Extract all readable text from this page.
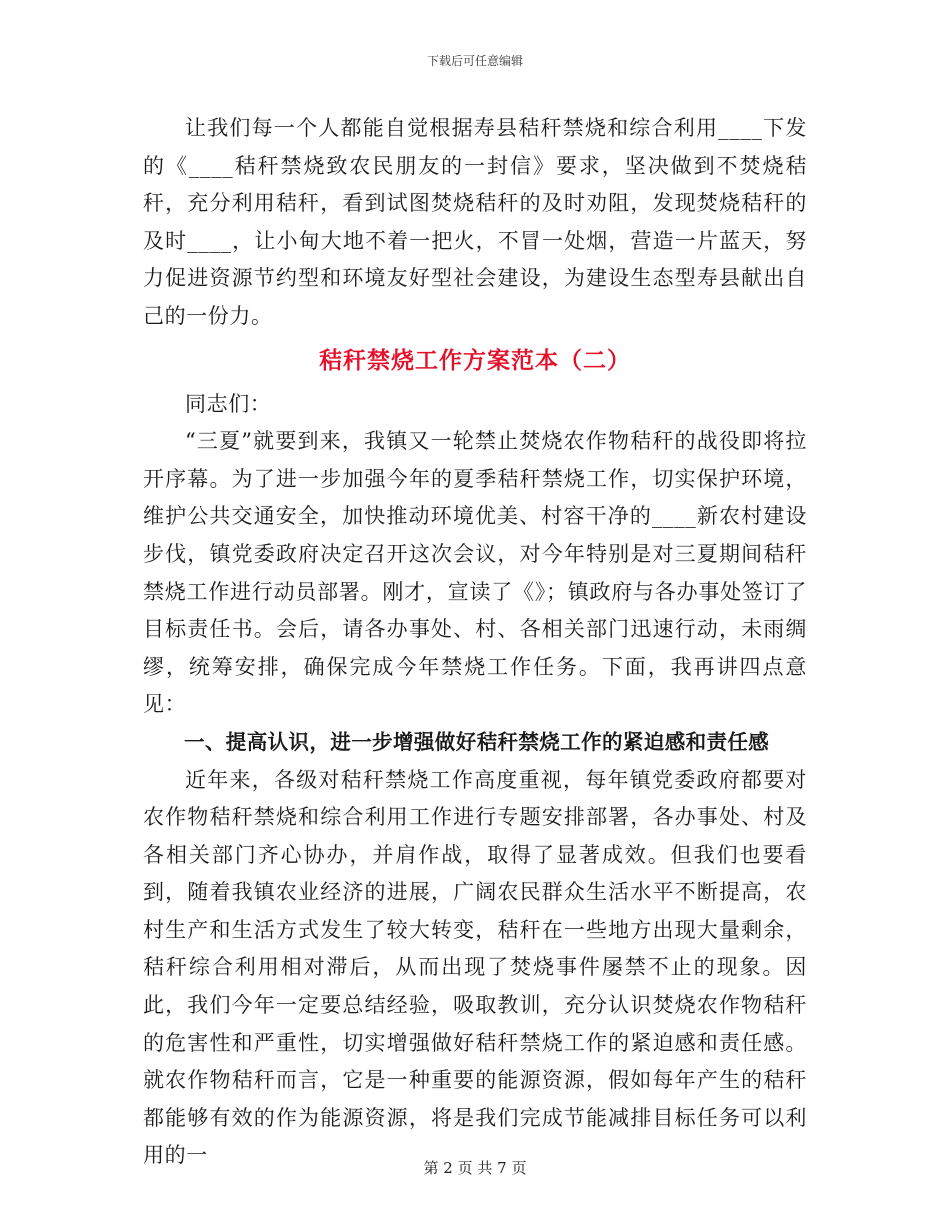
下载后可任意编辑

让我们每一个人都能自觉根据寿县秸秆禁烧和综合利用____下发的《____秸秆禁烧致农民朋友的一封信》要求，坚决做到不焚烧秸秆，充分利用秸秆，看到试图焚烧秸秆的及时劝阻，发现焚烧秸秆的及时____，让小甸大地不着一把火，不冒一处烟，营造一片蓝天，努力促进资源节约型和环境友好型社会建设，为建设生态型寿县献出自己的一份力。

秸秆禁烧工作方案范本（二）

同志们：

“三夏”就要到来，我镇又一轮禁止焚烧农作物秸秆的战役即将拉开序幕。为了进一步加强今年的夏季秸秆禁烧工作，切实保护环境，维护公共交通安全，加快推动环境优美、村容干净的____新农村建设步伐，镇党委政府决定召开这次会议，对今年特别是对三夏期间秸秆禁烧工作进行动员部署。刚才，宣读了《》；镇政府与各办事处签订了目标责任书。会后，请各办事处、村、各相关部门迅速行动，未雨绸缪，统筹安排，确保完成今年禁烧工作任务。下面，我再讲四点意见：

一、提高认识，进一步增强做好秸秆禁烧工作的紧迫感和责任感

近年来，各级对秸秆禁烧工作高度重视，每年镇党委政府都要对农作物秸秆禁烧和综合利用工作进行专题安排部署，各办事处、村及各相关部门齐心协办，并肩作战，取得了显著成效。但我们也要看到，随着我镇农业经济的进展，广阔农民群众生活水平不断提高，农村生产和生活方式发生了较大转变，秸秆在一些地方出现大量剩余，秸秆综合利用相对滞后，从而出现了焚烧事件屡禁不止的现象。因此，我们今年一定要总结经验，吸取教训，充分认识焚烧农作物秸秆的危害性和严重性，切实增强做好秸秆禁烧工作的紧迫感和责任感。就农作物秸秆而言，它是一种重要的能源资源，假如每年产生的秸秆都能够有效的作为能源资源，将是我们完成节能减排目标任务可以利用的一

第 2 页 共 7 页
